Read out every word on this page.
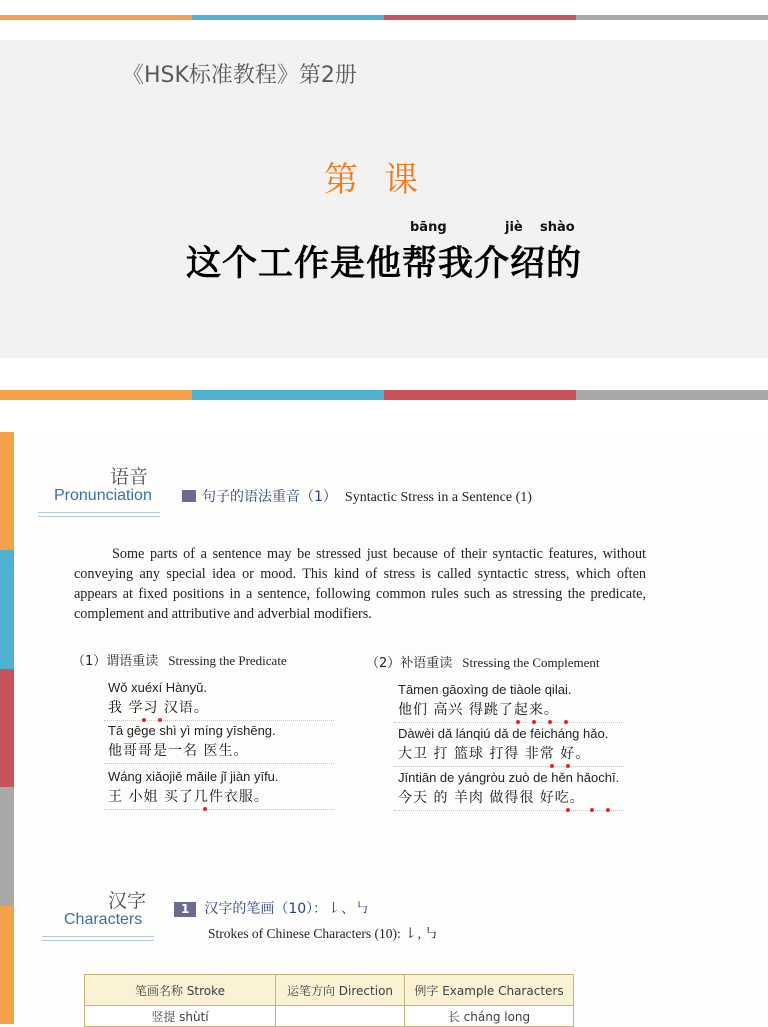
《HSK标准教程》第2册
第课
bāng	jiè shào
这个工作是他帮我介绍的
语音
Pronunciation	句子的语法重音（1） Syntactic Stress in a Sentence (1)
Some parts of a sentence may be stressed just because of their syntactic features, without conveying any special idea or mood. This kind of stress is called syntactic stress, which often appears at fixed positions in a sentence, following common rules such as stressing the predicate, complement and attributive and adverbial modifiers.
（1）谓语重读 Stressing the Predicate	（2）补语重读 Stressing the Complement
Wǒ xuéxí Hànyǔ.
我 学习 汉语。
Tā gēge shì yì míng yīshēng.
他哥哥是一名 医生。
Wáng xiǎojiě mǎile jǐ jiàn yīfu.
王 小姐 买了几件衣服。
Tāmen gāoxìng de tiàole qilai.
他们 高兴 得跳了起来。
Dàwèi dǎ lánqiú dǎ de fēicháng hǎo.
大卫 打 篮球 打得 非常 好。
Jīntiān de yángròu zuò de hěn hǎochī.
今天 的 羊肉 做得很 好吃。
汉字
Characters
1 汉字的笔画（10）：㇙、㇉
Strokes of Chinese Characters (10): ㇙, ㇉
笔画名称 Stroke	运笔方向 Direction	例字 Example Characters
竖提 shùtí		长 cháng long
